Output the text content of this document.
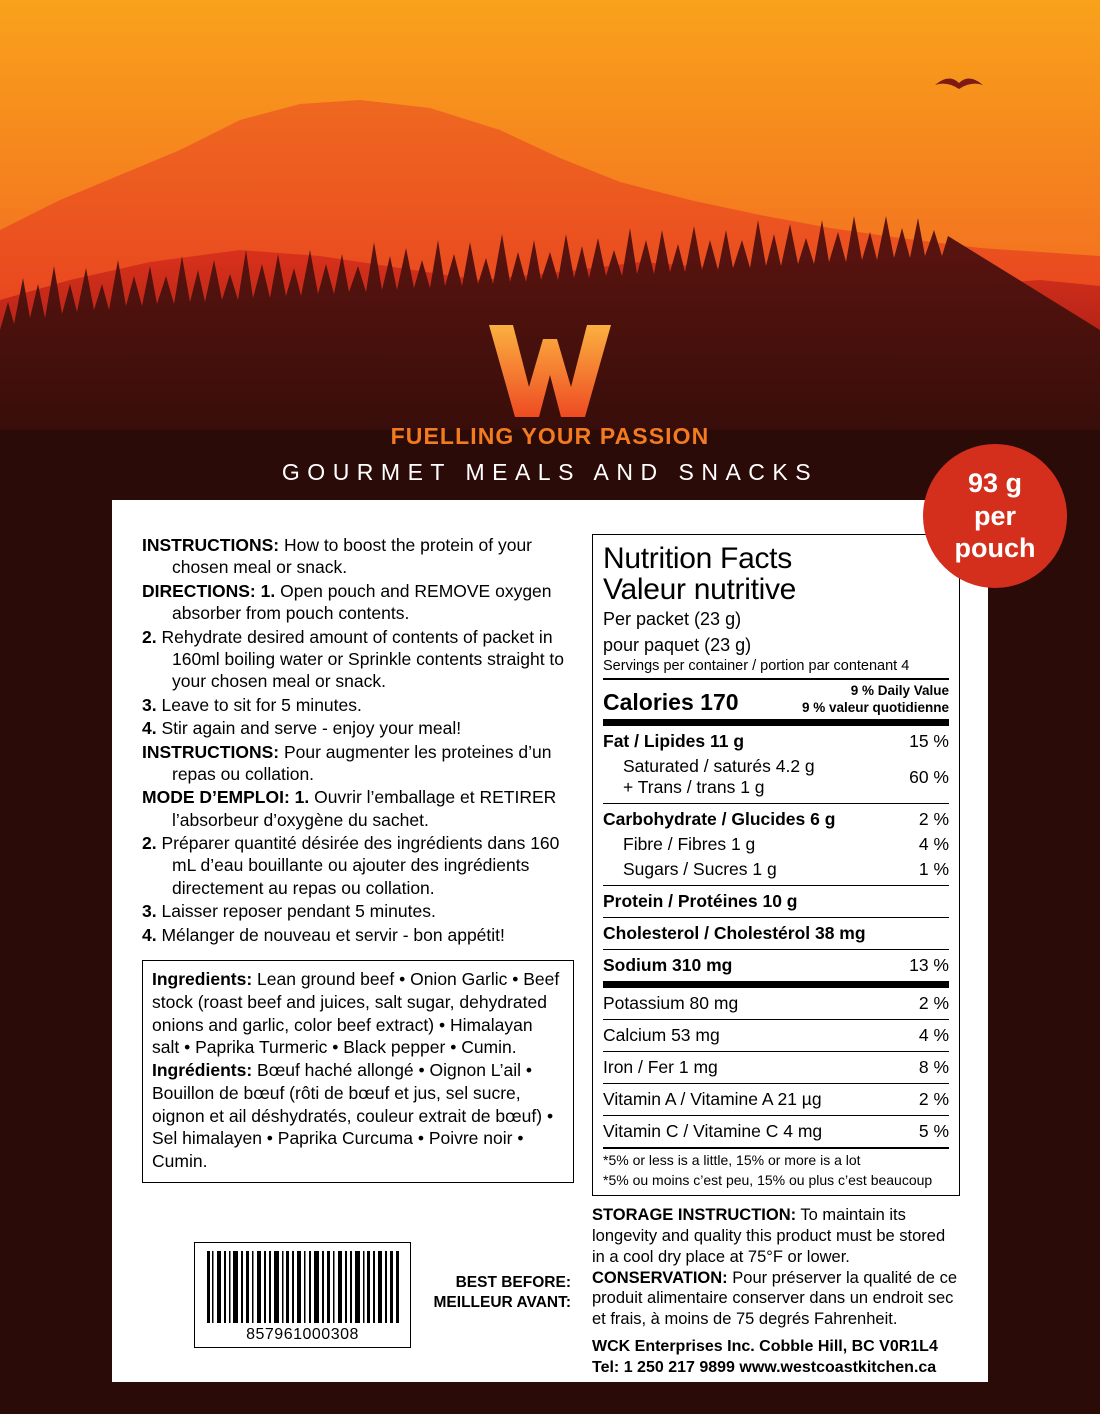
FUELLING YOUR PASSION
GOURMET MEALS AND SNACKS	93 g
per
pouch
INSTRUCTIONS: How to boost the protein of your chosen meal or snack.
DIRECTIONS: 1. Open pouch and REMOVE oxygen absorber from pouch contents.
2. Rehydrate desired amount of contents of packet in 160ml boiling water or Sprinkle contents straight to your chosen meal or snack.
3. Leave to sit for 5 minutes.
4. Stir again and serve - enjoy your meal!
INSTRUCTIONS: Pour augmenter les proteines d’un repas ou collation.
MODE D’EMPLOI: 1. Ouvrir l’emballage et RETIRER l’absorbeur d’oxygène du sachet.
2. Préparer quantité désirée des ingrédients dans 160 mL d’eau bouillante ou ajouter des ingrédients directement au repas ou collation.
3. Laisser reposer pendant 5 minutes.
4. Mélanger de nouveau et servir - bon appétit!

Ingredients: Lean ground beef • Onion Garlic • Beef stock (roast beef and juices, salt sugar, dehydrated onions and garlic, color beef extract) • Himalayan salt • Paprika Turmeric • Black pepper • Cumin.

Ingrédients: Bœuf haché allongé • Oignon L’ail • Bouillon de bœuf (rôti de bœuf et jus, sel sucre, oignon et ail déshydratés, couleur extrait de bœuf) • Sel himalayen • Paprika Curcuma • Poivre noir • Cumin.

857961000308
BEST BEFORE:
MEILLEUR AVANT:
Nutrition Facts
Valeur nutritive
Per packet (23 g)
pour paquet (23 g)
Servings per container / portion par contenant 4
Calories 170	9 % Daily Value
9 % valeur quotidienne
Fat / Lipides 11 g	15 %
Saturated / saturés 4.2 g
+ Trans / trans 1 g
60 %
Carbohydrate / Glucides 6 g	2 %
Fibre / Fibres 1 g	4 %
Sugars / Sucres 1 g	1 %
Protein / Protéines 10 g
Cholesterol / Cholestérol 38 mg
Sodium 310 mg	13 %
Potassium 80 mg	2 %
Calcium 53 mg	4 %
Iron / Fer 1 mg	8 %
Vitamin A / Vitamine A 21 µg	2 %
Vitamin C / Vitamine C 4 mg	5 %
*5% or less is a little, 15% or more is a lot
*5% ou moins c’est peu, 15% ou plus c’est beaucoup

STORAGE INSTRUCTION: To maintain its longevity and quality this product must be stored in a cool dry place at 75°F or lower.

CONSERVATION: Pour préserver la qualité de ce produit alimentaire conserver dans un endroit sec et frais, à moins de 75 degrés Fahrenheit.

WCK Enterprises Inc. Cobble Hill, BC V0R1L4
Tel: 1 250 217 9899 www.westcoastkitchen.ca
